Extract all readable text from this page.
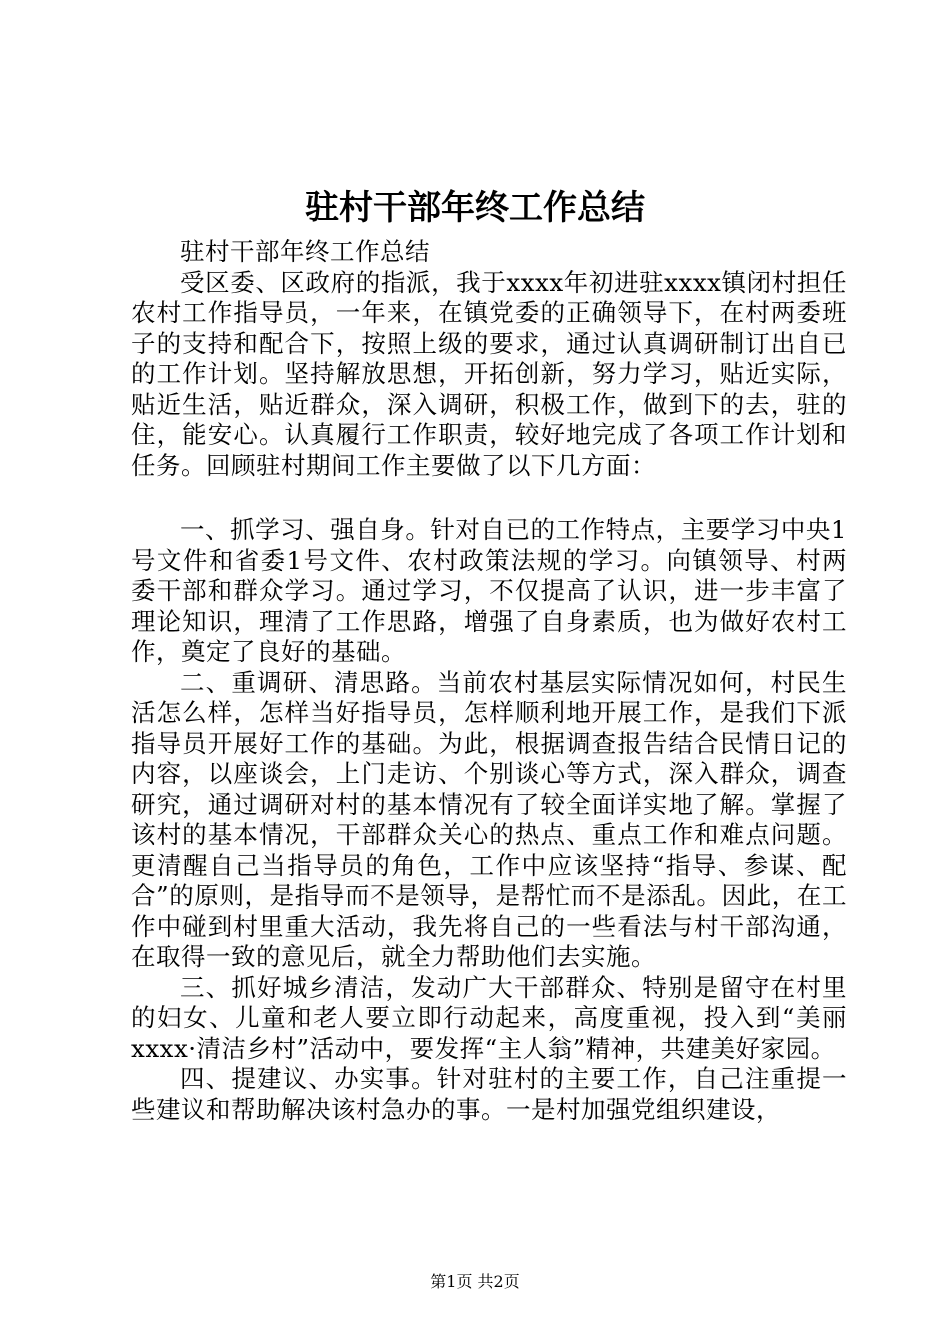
驻村干部年终工作总结

驻村干部年终工作总结

受区委、区政府的指派，我于xxxx年初进驻xxxx镇闭村担任农村工作指导员，一年来，在镇党委的正确领导下，在村两委班子的支持和配合下，按照上级的要求，通过认真调研制订出自已的工作计划。坚持解放思想，开拓创新，努力学习，贴近实际，贴近生活，贴近群众，深入调研，积极工作，做到下的去，驻的住，能安心。认真履行工作职责，较好地完成了各项工作计划和任务。回顾驻村期间工作主要做了以下几方面：

一、抓学习、强自身。针对自已的工作特点，主要学习中央1号文件和省委1号文件、农村政策法规的学习。向镇领导、村两委干部和群众学习。通过学习，不仅提高了认识，进一步丰富了理论知识，理清了工作思路，增强了自身素质，也为做好农村工作，奠定了良好的基础。

二、重调研、清思路。当前农村基层实际情况如何，村民生活怎么样，怎样当好指导员，怎样顺利地开展工作，是我们下派指导员开展好工作的基础。为此，根据调查报告结合民情日记的内容，以座谈会，上门走访、个别谈心等方式，深入群众，调查研究，通过调研对村的基本情况有了较全面详实地了解。掌握了该村的基本情况，干部群众关心的热点、重点工作和难点问题。更清醒自己当指导员的角色，工作中应该坚持“指导、参谋、配合”的原则，是指导而不是领导，是帮忙而不是添乱。因此，在工作中碰到村里重大活动，我先将自己的一些看法与村干部沟通，在取得一致的意见后，就全力帮助他们去实施。

三、抓好城乡清洁，发动广大干部群众、特别是留守在村里的妇女、儿童和老人要立即行动起来，高度重视，投入到“美丽xxxx·清洁乡村”活动中，要发挥“主人翁”精神，共建美好家园。

四、提建议、办实事。针对驻村的主要工作，自己注重提一些建议和帮助解决该村急办的事。一是村加强党组织建设，

第1页 共2页
